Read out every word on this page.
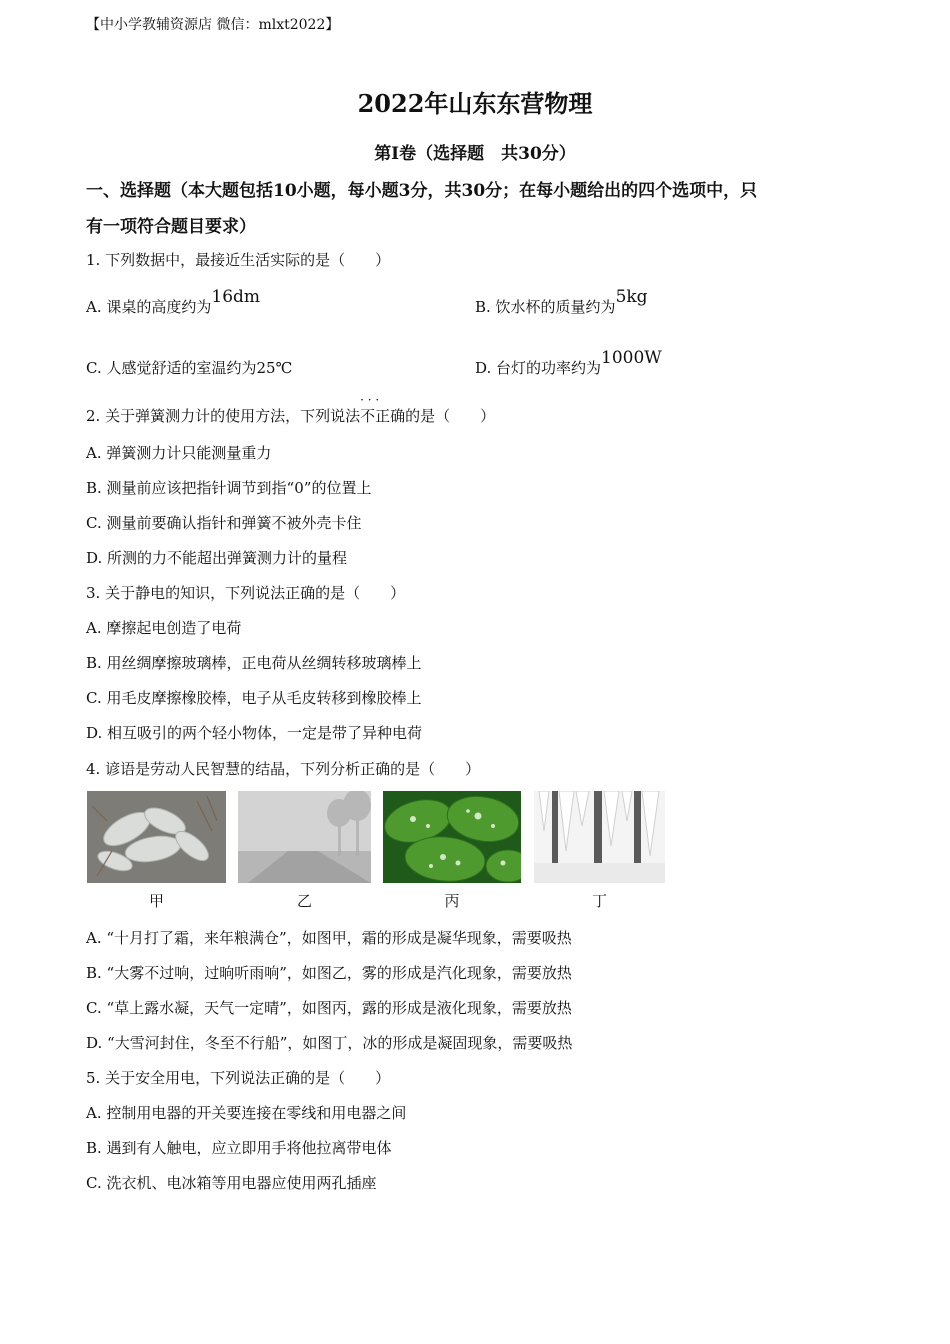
【中小学教辅资源店 微信：mlxt2022】
2022年山东东营物理
第Ⅰ卷（选择题　共30分）
一、选择题（本大题包括10小题，每小题3分，共30分；在每小题给出的四个选项中，只
有一项符合题目要求）
1. 下列数据中，最接近生活实际的是（　　）
A. 课桌的高度约为16dm	B. 饮水杯的质量约为5kg
C. 人感觉舒适的室温约为25℃	D. 台灯的功率约为1000W
2. 关于弹簧测力计的使用方法，下列说法· · · 不正确的是（　　）
A. 弹簧测力计只能测量重力
B. 测量前应该把指针调节到指“0”的位置上
C. 测量前要确认指针和弹簧不被外壳卡住
D. 所测的力不能超出弹簧测力计的量程
3. 关于静电的知识，下列说法正确的是（　　）
A. 摩擦起电创造了电荷
B. 用丝绸摩擦玻璃棒，正电荷从丝绸转移玻璃棒上
C. 用毛皮摩擦橡胶棒，电子从毛皮转移到橡胶棒上
D. 相互吸引的两个轻小物体，一定是带了异种电荷
4. 谚语是劳动人民智慧的结晶，下列分析正确的是（　　）
甲	乙	丙	丁
A. “十月打了霜，来年粮满仓”，如图甲，霜的形成是凝华现象，需要吸热
B. “大雾不过响，过晌听雨响”，如图乙，雾的形成是汽化现象，需要放热
C. “草上露水凝，天气一定晴”，如图丙，露的形成是液化现象，需要放热
D. “大雪河封住，冬至不行船”，如图丁，冰的形成是凝固现象，需要吸热
5. 关于安全用电，下列说法正确的是（　　）
A. 控制用电器的开关要连接在零线和用电器之间
B. 遇到有人触电，应立即用手将他拉离带电体
C. 洗衣机、电冰箱等用电器应使用两孔插座
